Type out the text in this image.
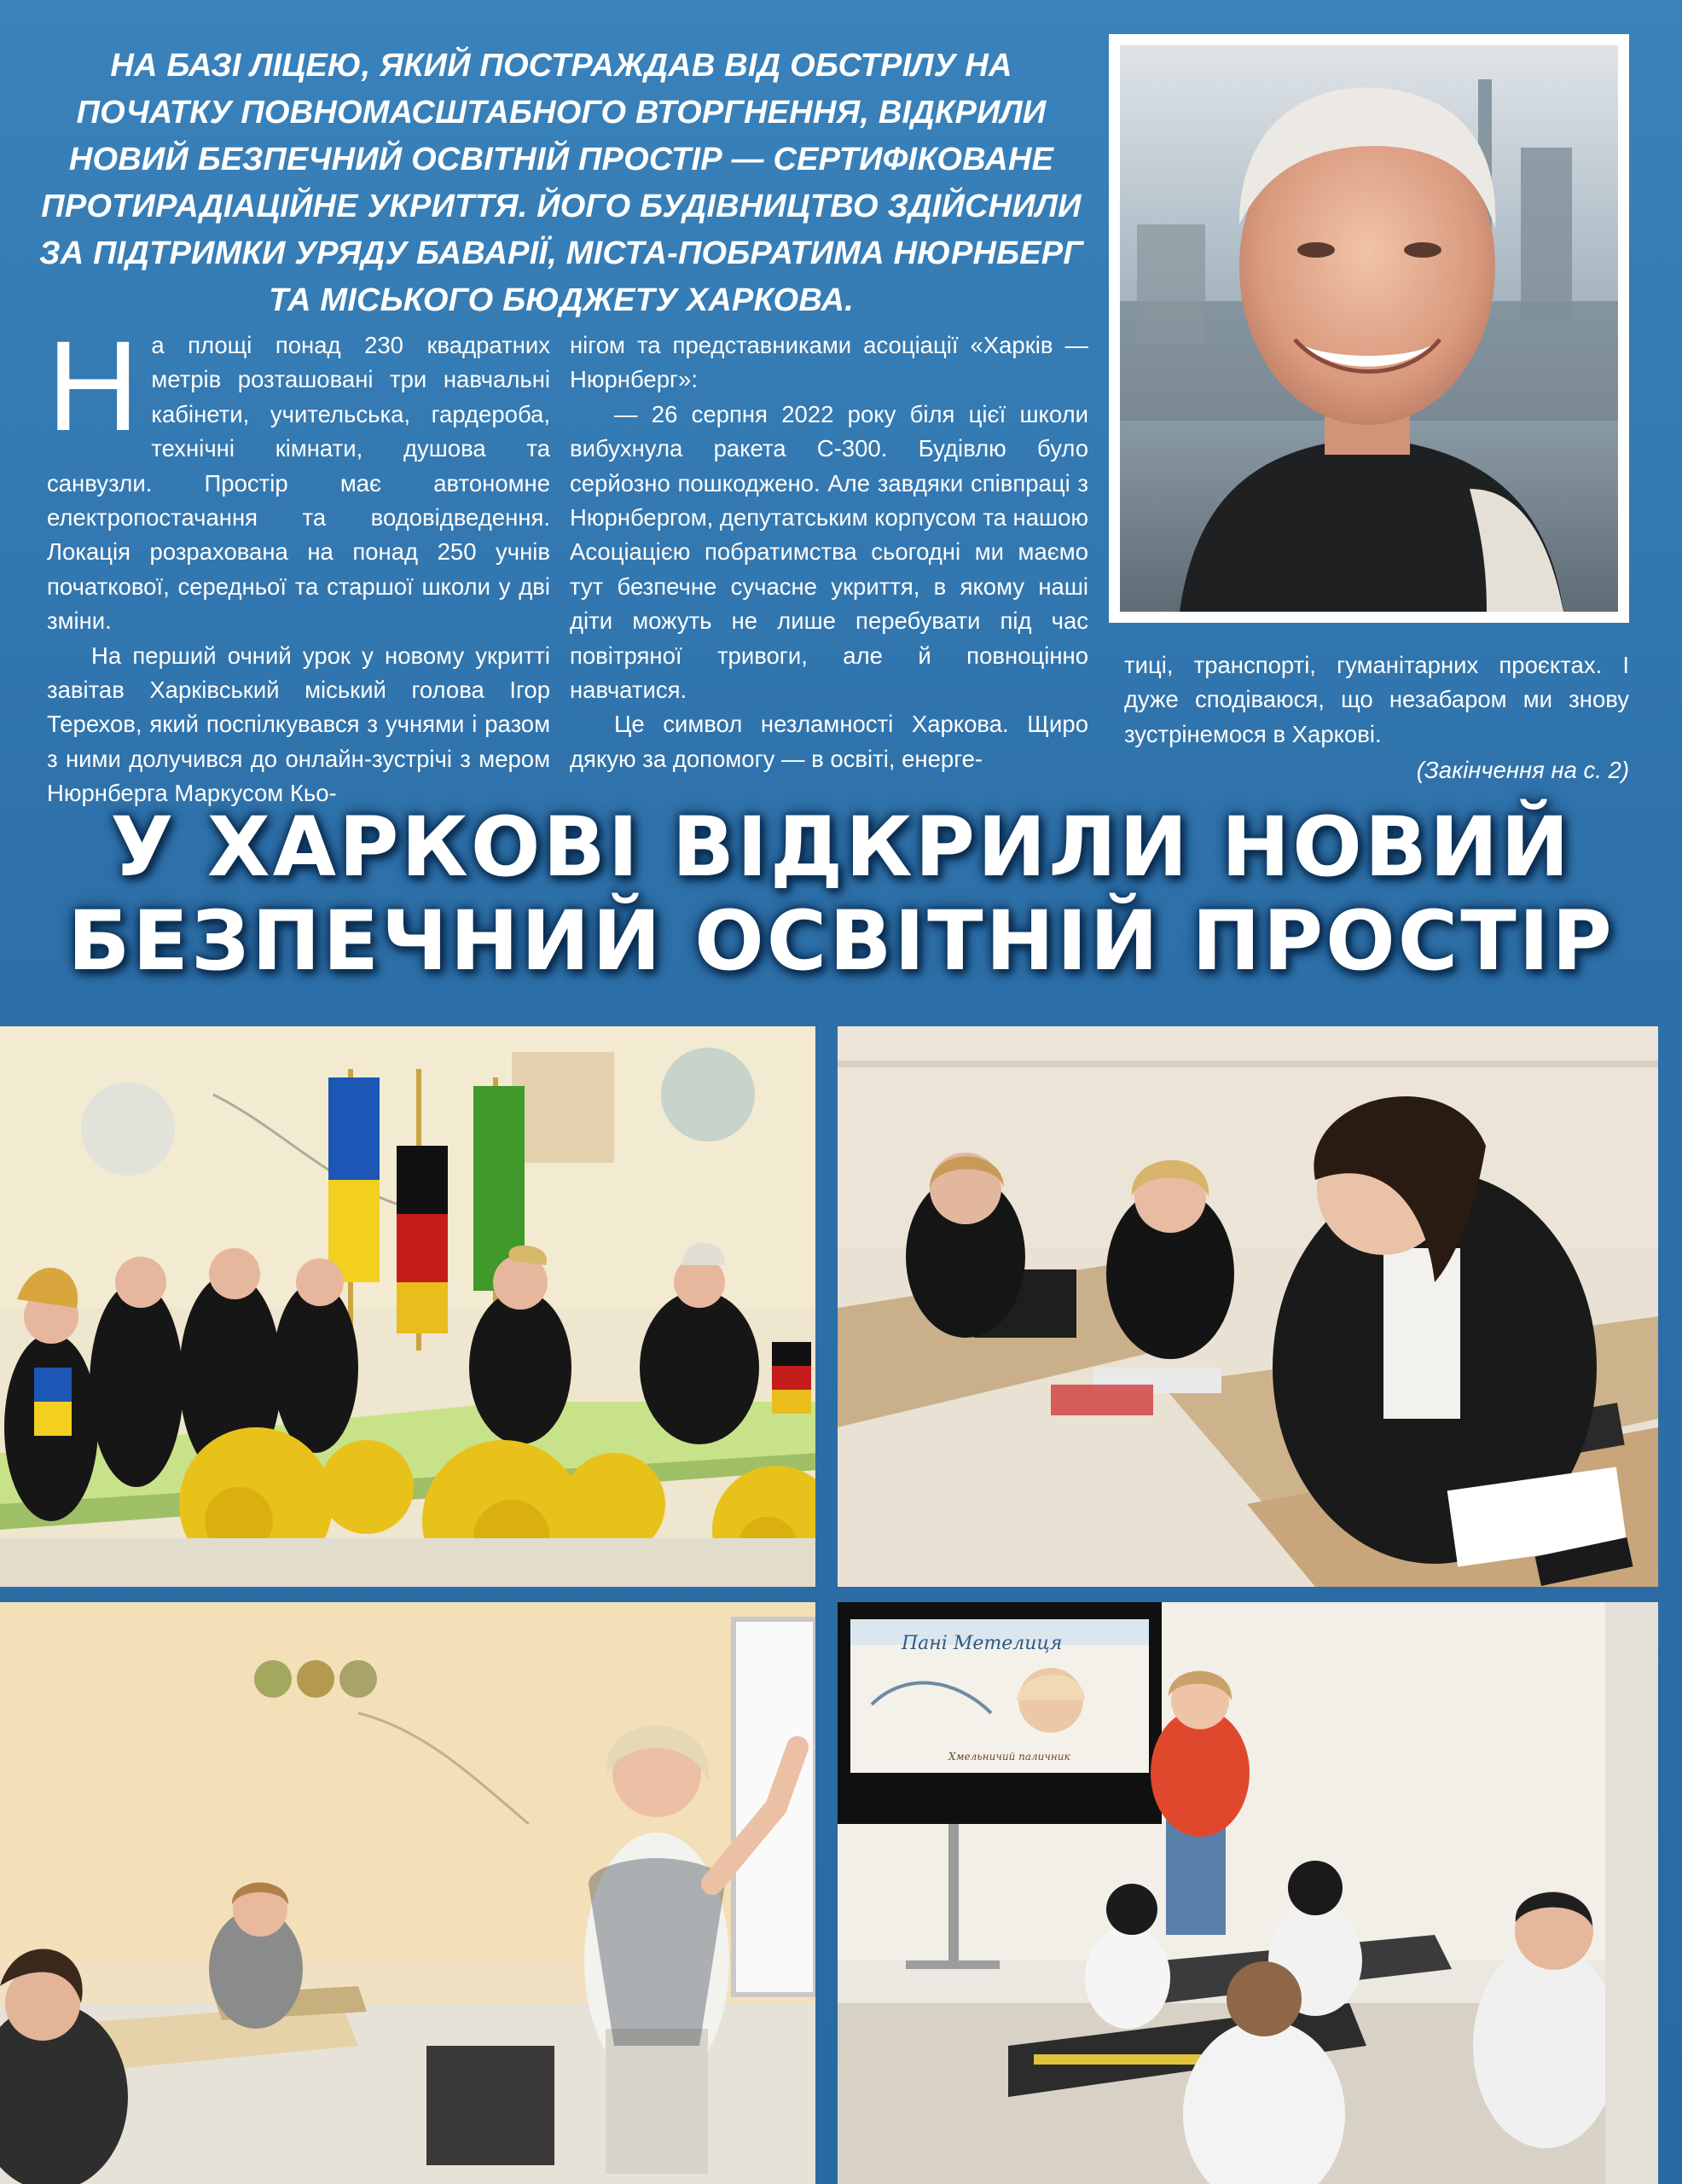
НА БАЗІ ЛІЦЕЮ, ЯКИЙ ПОСТРАЖДАВ ВІД ОБСТРІЛУ НА ПОЧАТКУ ПОВНОМАСШТАБНОГО ВТОРГНЕННЯ, ВІДКРИЛИ НОВИЙ БЕЗПЕЧНИЙ ОСВІТНІЙ ПРОСТІР — СЕРТИФІКОВАНЕ ПРОТИРАДІАЦІЙНЕ УКРИТТЯ. ЙОГО БУДІВНИЦТВО ЗДІЙСНИЛИ ЗА ПІДТРИМКИ УРЯДУ БАВАРІЇ, МІСТА-ПОБРАТИМА НЮРНБЕРГ ТА МІСЬКОГО БЮДЖЕТУ ХАРКОВА.

На площі понад 230 квадратних метрів розташовані три навчальні кабінети, учительська, гардероба, технічні кімнати, душова та санвузли. Простір має автономне електропостачання та водовідведення. Локація розрахована на понад 250 учнів початкової, середньої та старшої школи у дві зміни.

На перший очний урок у новому укритті завітав Харківський міський голова Ігор Терехов, який поспілкувався з учнями і разом з ними долучився до онлайн-зустрічі з мером Нюрнберга Маркусом Кьо-

нігом та представниками асоціації «Харків — Нюрнберг»:

— 26 серпня 2022 року біля цієї школи вибухнула ракета С-300. Будівлю було серйозно пошкоджено. Але завдяки співпраці з Нюрнбергом, депутатським корпусом та нашою Асоціацією побратимства сьогодні ми маємо тут безпечне сучасне укриття, в якому наші діти можуть не лише перебувати під час повітряної тривоги, але й повноцінно навчатися.

Це символ незламності Харкова. Щиро дякую за допомогу — в освіті, енерге-

тиці, транспорті, гуманітарних проєктах. І дуже сподіваюся, що незабаром ми знову зустрінемося в Харкові.

(Закінчення на с. 2)
У ХАРКОВІ ВІДКРИЛИ НОВИЙ
БЕЗПЕЧНИЙ ОСВІТНІЙ ПРОСТІР
Пані Метелиця
Хмельничий паличник
